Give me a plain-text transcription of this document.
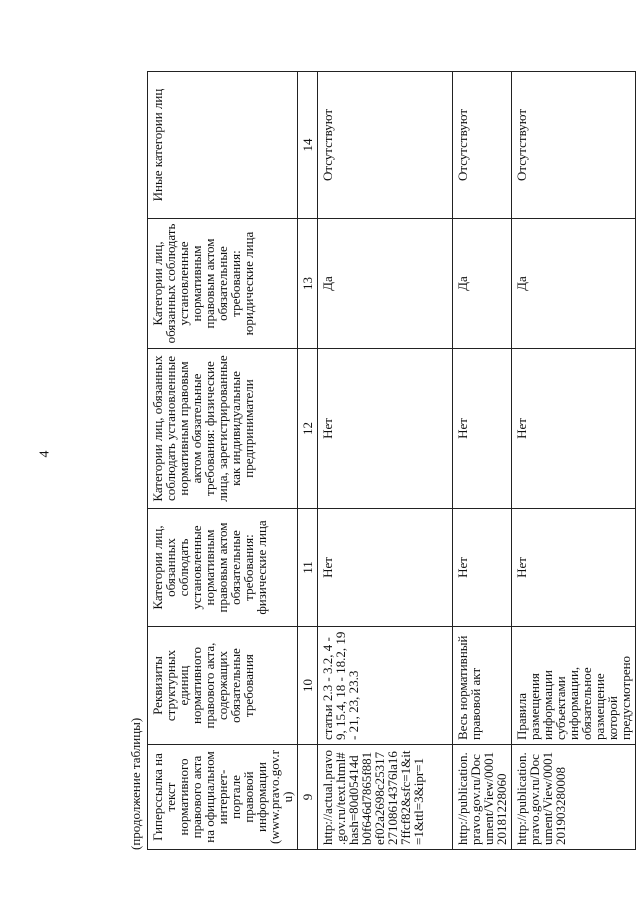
4
(продолжение таблицы) Гиперссылка на текст нормативного правового акта на официальном интернет-портале правовой информации (www.pravo.gov.ru)	Реквизиты структурных единиц нормативного правового акта, содержащих обязательные требования	Категории лиц, обязанных соблюдать установленные нормативным правовым актом обязательные требования: физические лица	Категории лиц, обязанных соблюдать установленные нормативным правовым актом обязательные требования: физические лица, зарегистрированные как индивидуальные предприниматели	Категории лиц, обязанных соблюдать установленные нормативным правовым актом обязательные требования: юридические лица	Иные категории лиц
9	10	11	12	13	14
http://actual.pravo.gov.ru/text.html#hash=80d05414db0f646d7865f881ef02a2698c2531727108614376la167ffcf82&sfc=1&it=1&ttl=3&ipr=1	статьи 2.3 - 3.2, 4 - 9, 15.4, 18 - 18.2, 19 - 21, 23, 23.3	Нет	Нет	Да	Отсутствуют
http://publication.pravo.gov.ru/Document/View/000120181228060	Весь нормативный правовой акт	Нет	Нет	Да	Отсутствуют
http://publication.pravo.gov.ru/Document/View/0001201903280008	Правила размещения информации субъектами информации, обязательное размещение которой предусмотрено	Нет	Нет	Да	Отсутствуют
